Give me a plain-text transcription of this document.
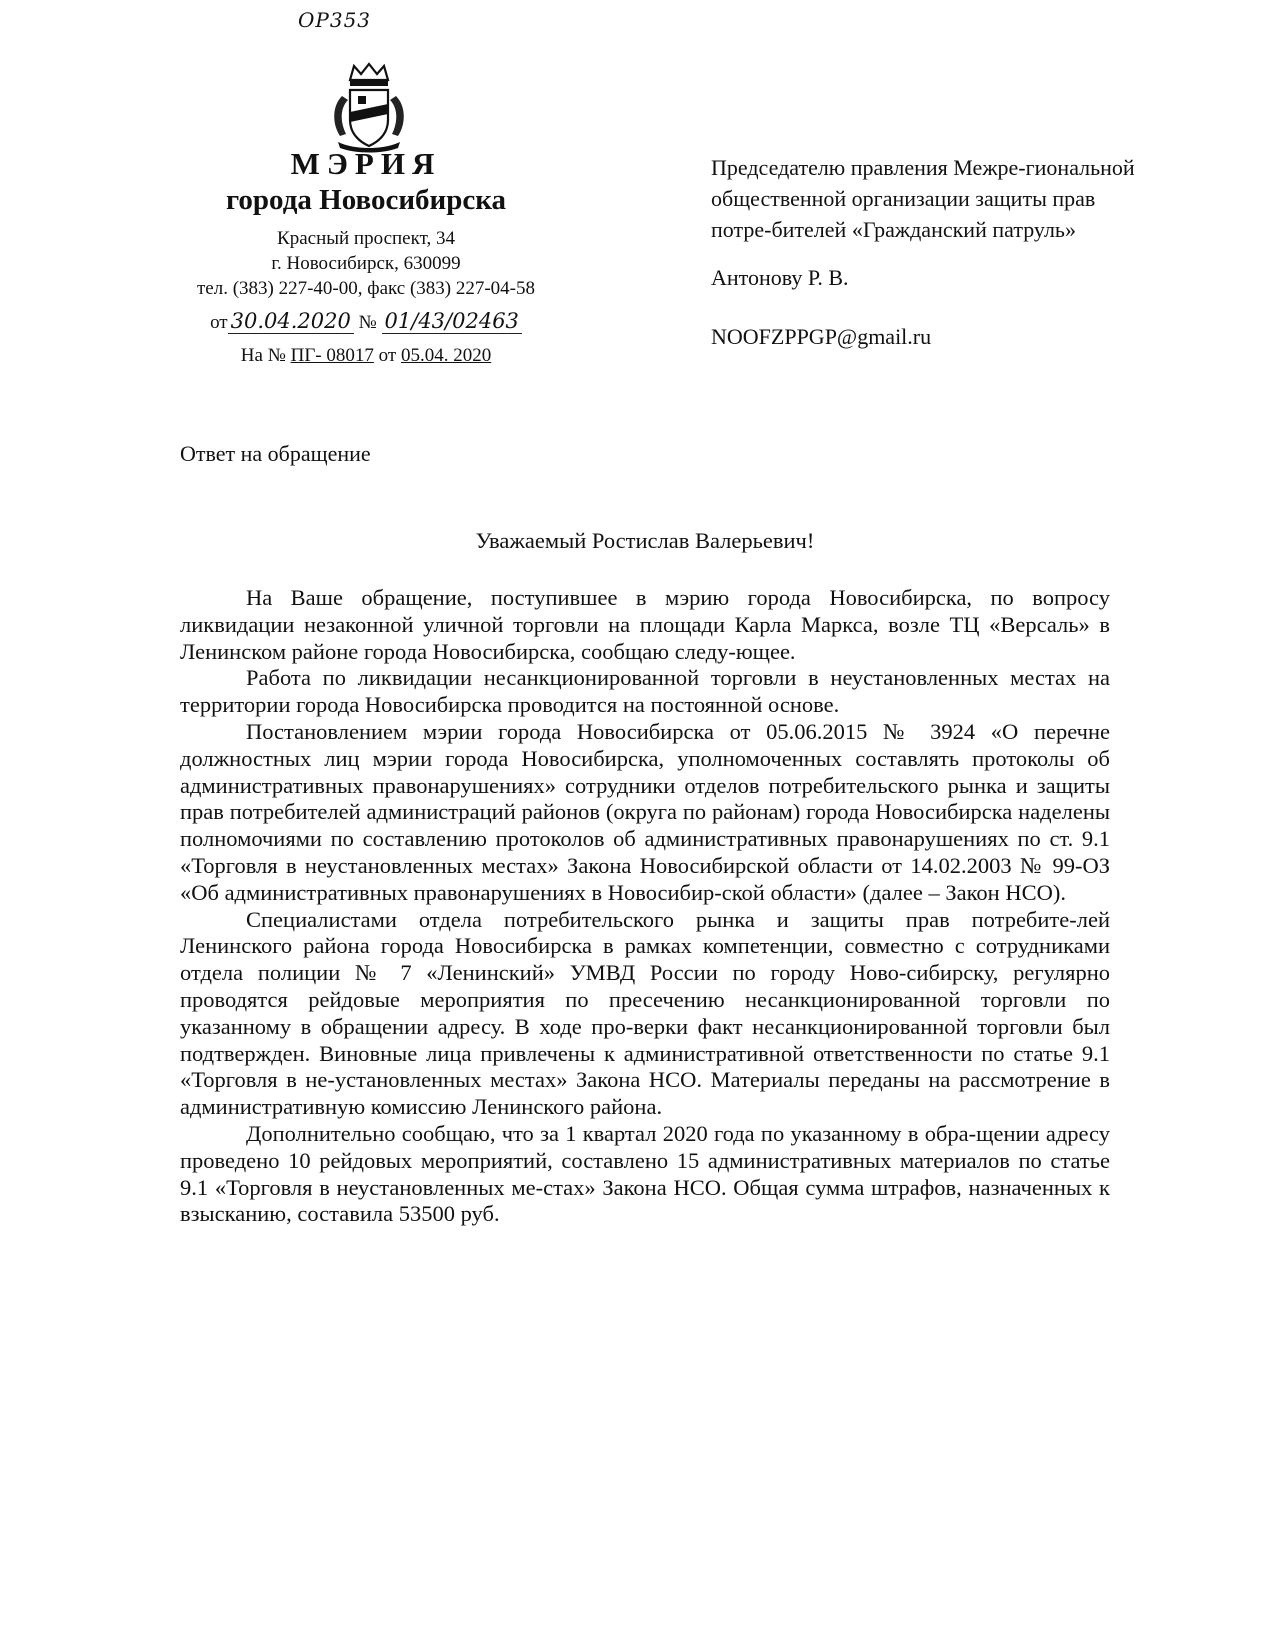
ОР353
МЭРИЯ
города Новосибирска
Красный проспект, 34
г. Новосибирск, 630099
тел. (383) 227-40-00, факс (383) 227-04-58
от 30.04.2020 № 01/43/02463
На № ПГ- 08017 от 05.04. 2020

Председателю правления Межре-гиональной общественной организации защиты прав потре-бителей «Гражданский патруль»

Антонову Р. В.

NOOFZPPGP@gmail.ru

Ответ на обращение
Уважаемый Ростислав Валерьевич!

На Ваше обращение, поступившее в мэрию города Новосибирска, по вопросу ликвидации незаконной уличной торговли на площади Карла Маркса, возле ТЦ «Версаль» в Ленинском районе города Новосибирска, сообщаю следу-ющее.

Работа по ликвидации несанкционированной торговли в неустановленных местах на территории города Новосибирска проводится на постоянной основе.

Постановлением мэрии города Новосибирска от 05.06.2015 № 3924 «О перечне должностных лиц мэрии города Новосибирска, уполномоченных составлять протоколы об административных правонарушениях» сотрудники отделов потребительского рынка и защиты прав потребителей администраций районов (округа по районам) города Новосибирска наделены полномочиями по составлению протоколов об административных правонарушениях по ст. 9.1 «Торговля в неустановленных местах» Закона Новосибирской области от 14.02.2003 № 99-ОЗ «Об административных правонарушениях в Новосибир-ской области» (далее – Закон НСО).

Специалистами отдела потребительского рынка и защиты прав потребите-лей Ленинского района города Новосибирска в рамках компетенции, совместно с сотрудниками отдела полиции № 7 «Ленинский» УМВД России по городу Ново-сибирску, регулярно проводятся рейдовые мероприятия по пресечению несанкционированной торговли по указанному в обращении адресу. В ходе про-верки факт несанкционированной торговли был подтвержден. Виновные лица привлечены к административной ответственности по статье 9.1 «Торговля в не-установленных местах» Закона НСО. Материалы переданы на рассмотрение в административную комиссию Ленинского района.

Дополнительно сообщаю, что за 1 квартал 2020 года по указанному в обра-щении адресу проведено 10 рейдовых мероприятий, составлено 15 административных материалов по статье 9.1 «Торговля в неустановленных ме-стах» Закона НСО. Общая сумма штрафов, назначенных к взысканию, составила 53500 руб.
